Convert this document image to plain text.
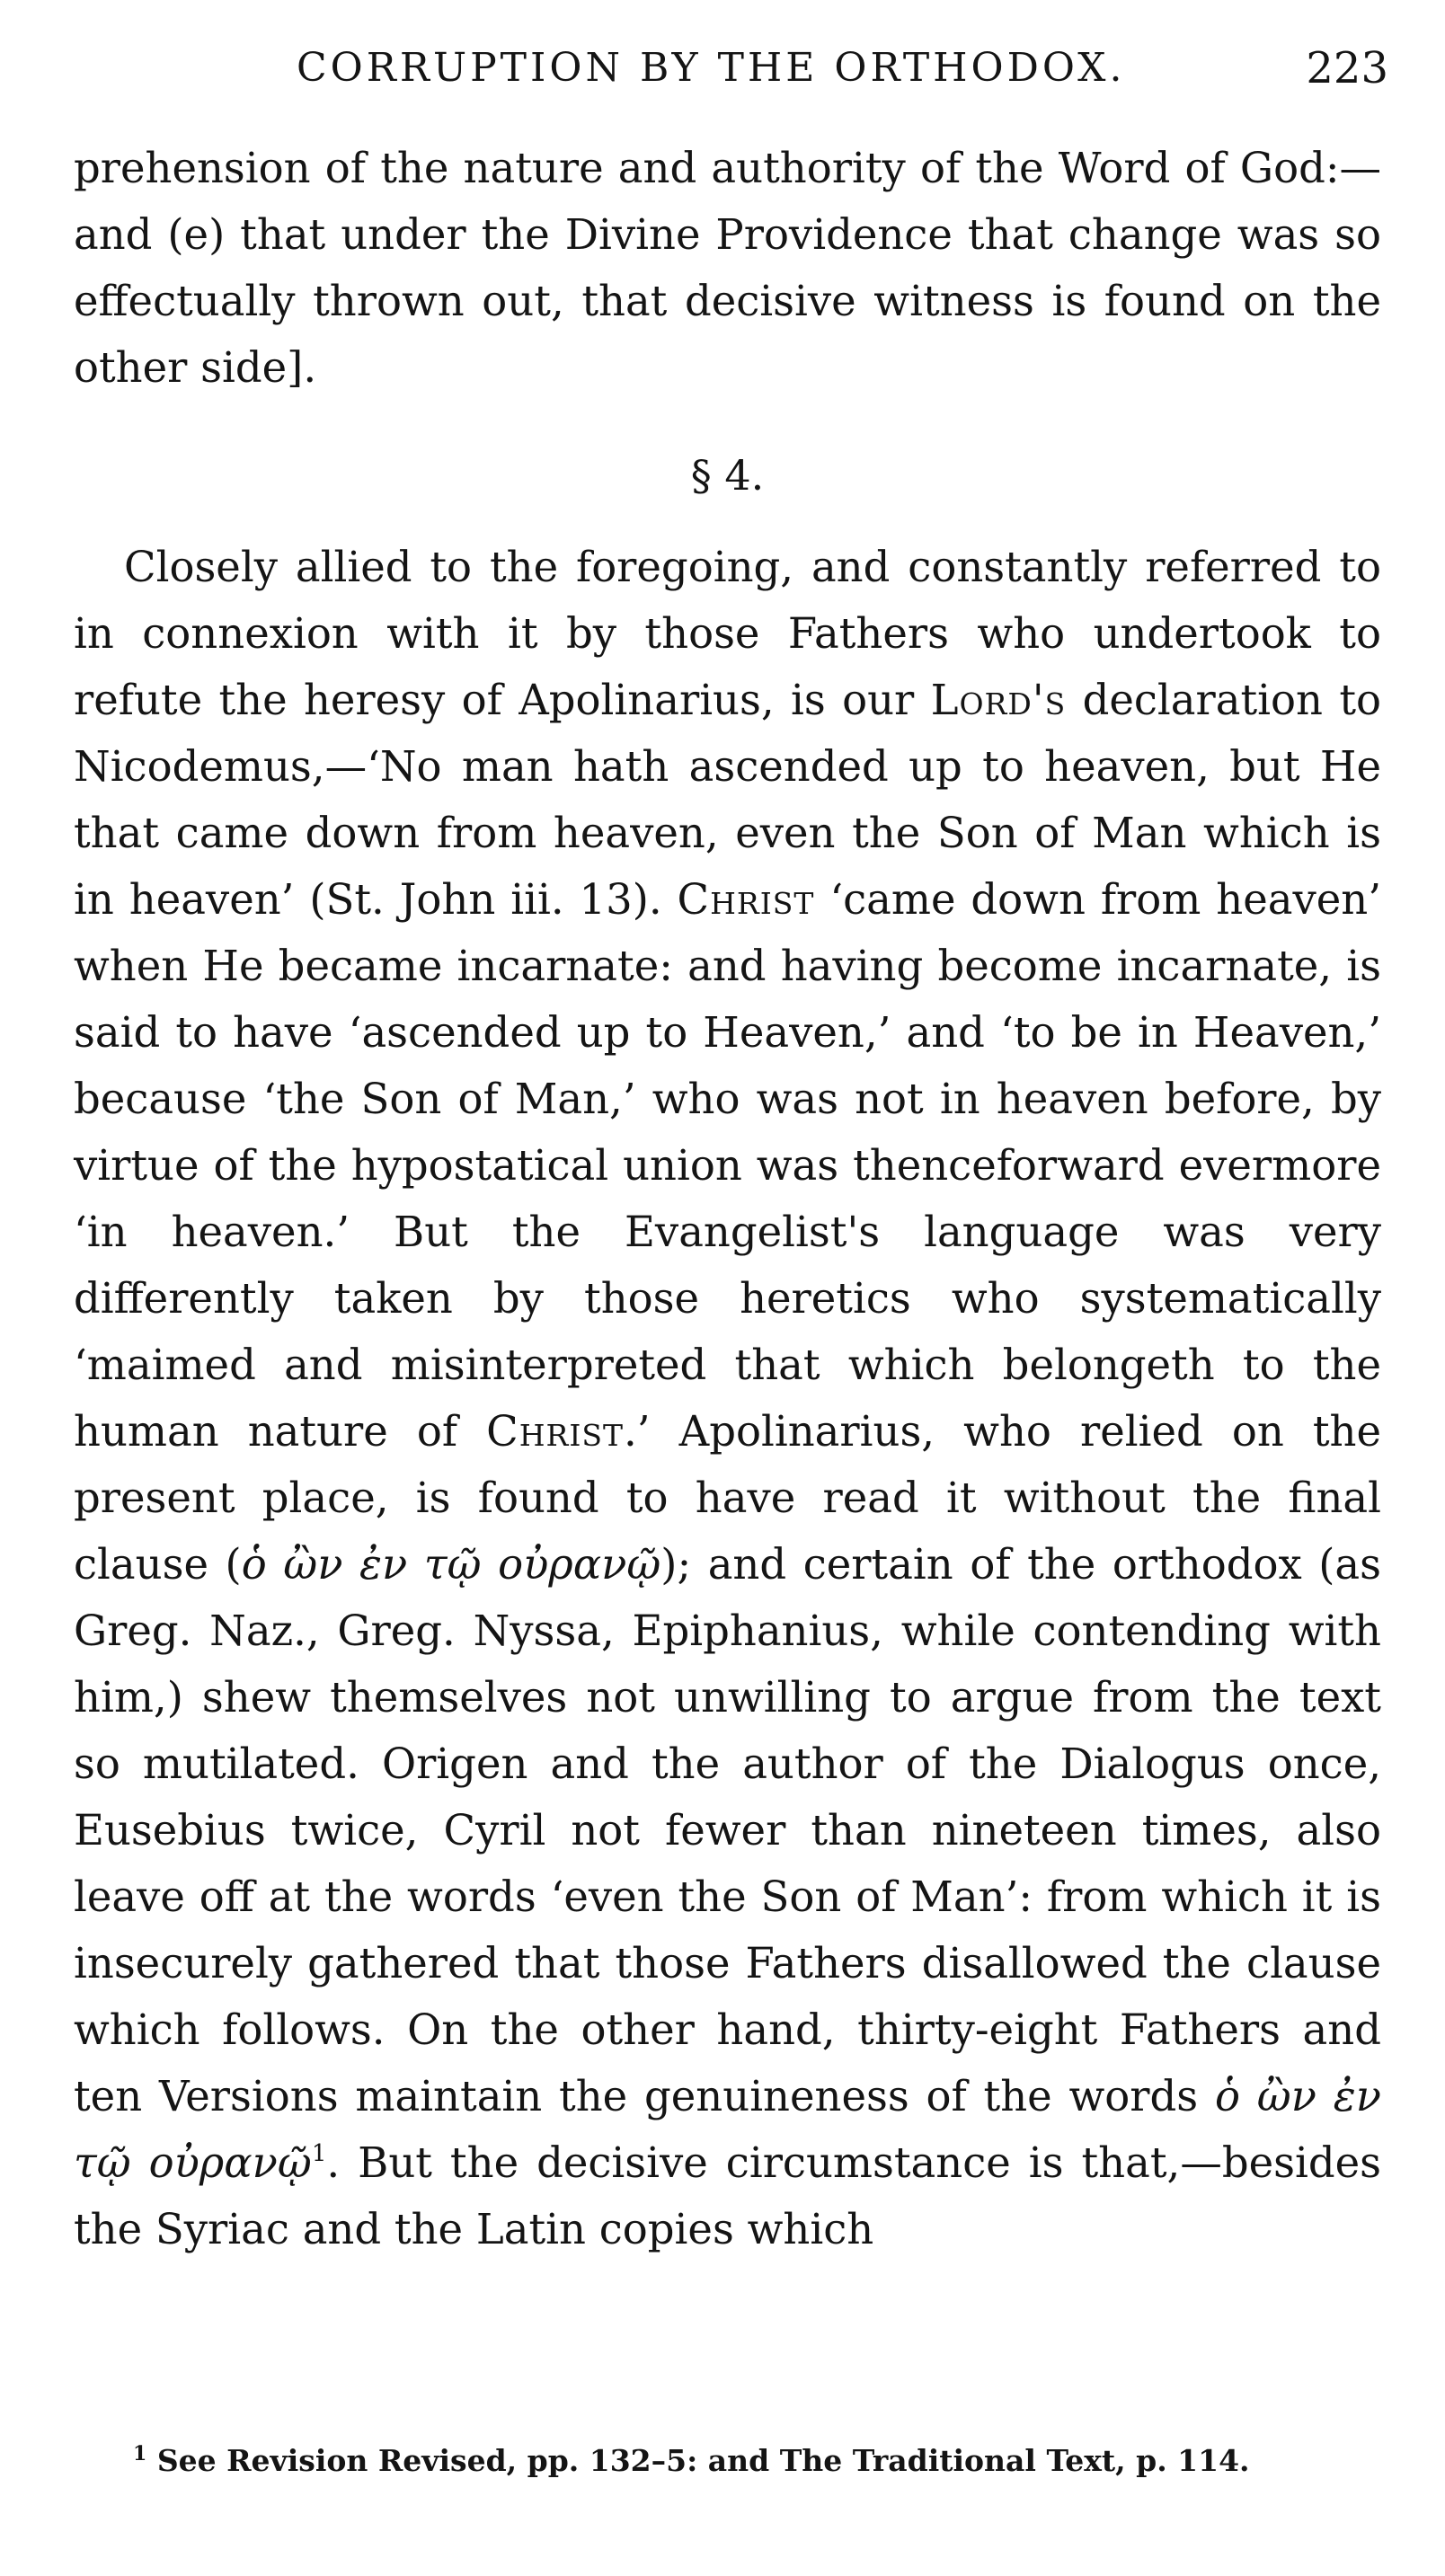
CORRUPTION BY THE ORTHODOX.	223

prehension of the nature and authority of the Word of God:—and (e) that under the Divine Providence that change was so effectually thrown out, that decisive witness is found on the other side].

§ 4.

Closely allied to the foregoing, and constantly referred to in connexion with it by those Fathers who undertook to refute the heresy of Apolinarius, is our Lord's declaration to Nicodemus,—‘No man hath ascended up to heaven, but He that came down from heaven, even the Son of Man which is in heaven’ (St. John iii. 13). Christ ‘came down from heaven’ when He became incarnate: and having become incarnate, is said to have ‘ascended up to Heaven,’ and ‘to be in Heaven,’ because ‘the Son of Man,’ who was not in heaven before, by virtue of the hypostatical union was thenceforward evermore ‘in heaven.’ But the Evangelist's language was very differently taken by those heretics who systematically ‘maimed and misinterpreted that which belongeth to the human nature of Christ.’ Apolinarius, who relied on the present place, is found to have read it without the final clause (ὁ ὢν ἐν τῷ οὐρανῷ); and certain of the orthodox (as Greg. Naz., Greg. Nyssa, Epiphanius, while contending with him,) shew themselves not unwilling to argue from the text so mutilated. Origen and the author of the Dialogus once, Eusebius twice, Cyril not fewer than nineteen times, also leave off at the words ‘even the Son of Man’: from which it is insecurely gathered that those Fathers disallowed the clause which follows. On the other hand, thirty-eight Fathers and ten Versions maintain the genuineness of the words ὁ ὢν ἐν τῷ οὐρανῷ$^1$. But the decisive circumstance is that,—besides the Syriac and the Latin copies which

$^1$ See Revision Revised, pp. 132–5: and The Traditional Text, p. 114.
